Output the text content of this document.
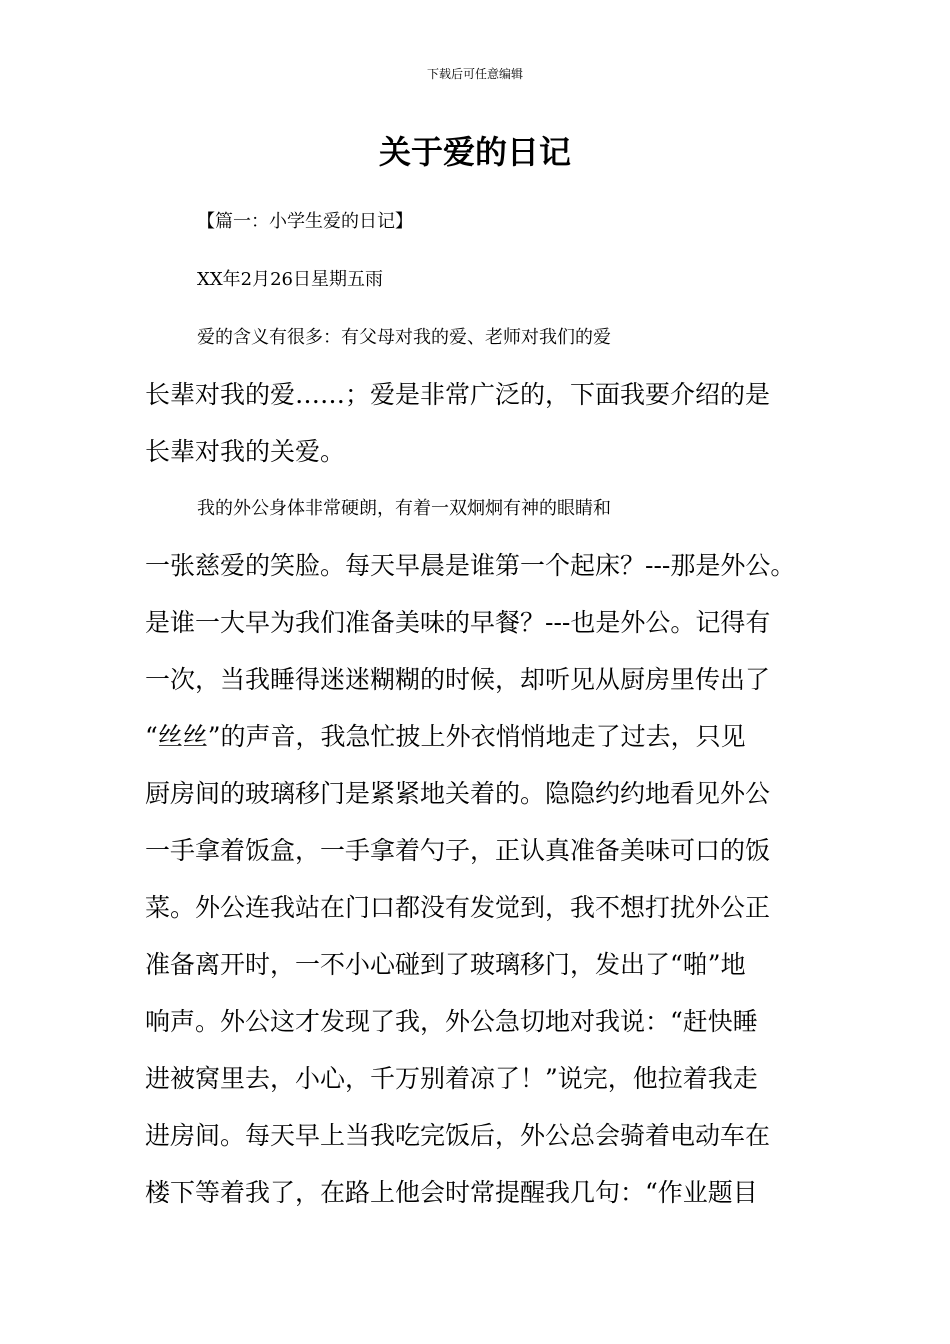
下载后可任意编辑
关于爱的日记
【篇一：小学生爱的日记】
XX年2月26日星期五雨
爱的含义有很多：有父母对我的爱、老师对我们的爱
长辈对我的爱……；爱是非常广泛的，下面我要介绍的是
长辈对我的关爱。
我的外公身体非常硬朗，有着一双炯炯有神的眼睛和
一张慈爱的笑脸。每天早晨是谁第一个起床？---那是外公。
是谁一大早为我们准备美味的早餐？---也是外公。记得有
一次，当我睡得迷迷糊糊的时候，却听见从厨房里传出了
“丝丝”的声音，我急忙披上外衣悄悄地走了过去，只见
厨房间的玻璃移门是紧紧地关着的。隐隐约约地看见外公
一手拿着饭盒，一手拿着勺子，正认真准备美味可口的饭
菜。外公连我站在门口都没有发觉到，我不想打扰外公正
准备离开时，一不小心碰到了玻璃移门，发出了“啪”地
响声。外公这才发现了我，外公急切地对我说：“赶快睡
进被窝里去，小心，千万别着凉了！”说完，他拉着我走
进房间。每天早上当我吃完饭后，外公总会骑着电动车在
楼下等着我了，在路上他会时常提醒我几句：“作业题目
